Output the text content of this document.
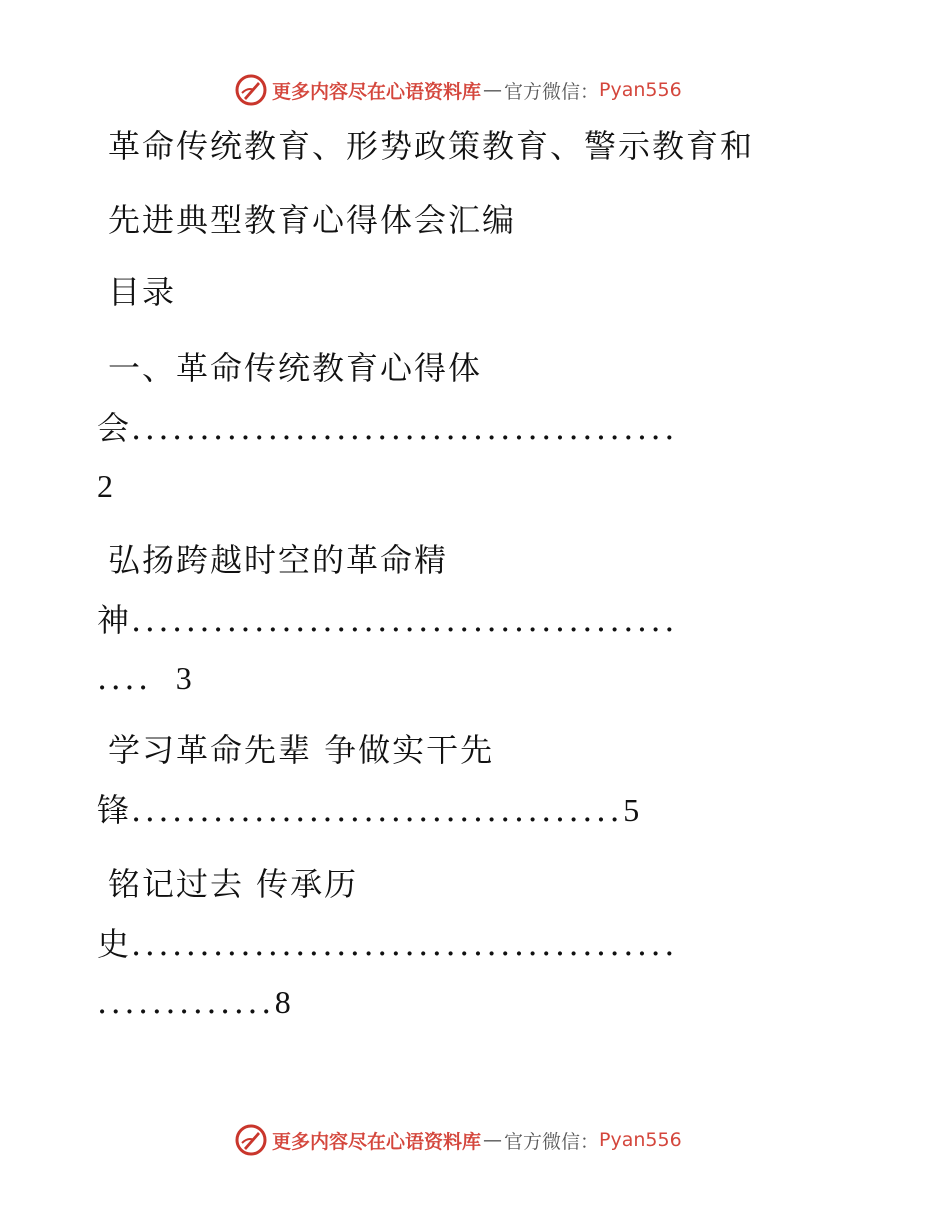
更多内容尽在心语资料库 — 官方微信： Pyan556
革命传统教育、形势政策教育、警示教育和
先进典型教育心得体会汇编
目录
一、革命传统教育心得体
会........................................
2
弘扬跨越时空的革命精
神........................................
.... 3
学习革命先辈 争做实干先
锋....................................5
铭记过去 传承历
史........................................
.............8
更多内容尽在心语资料库 — 官方微信： Pyan556
